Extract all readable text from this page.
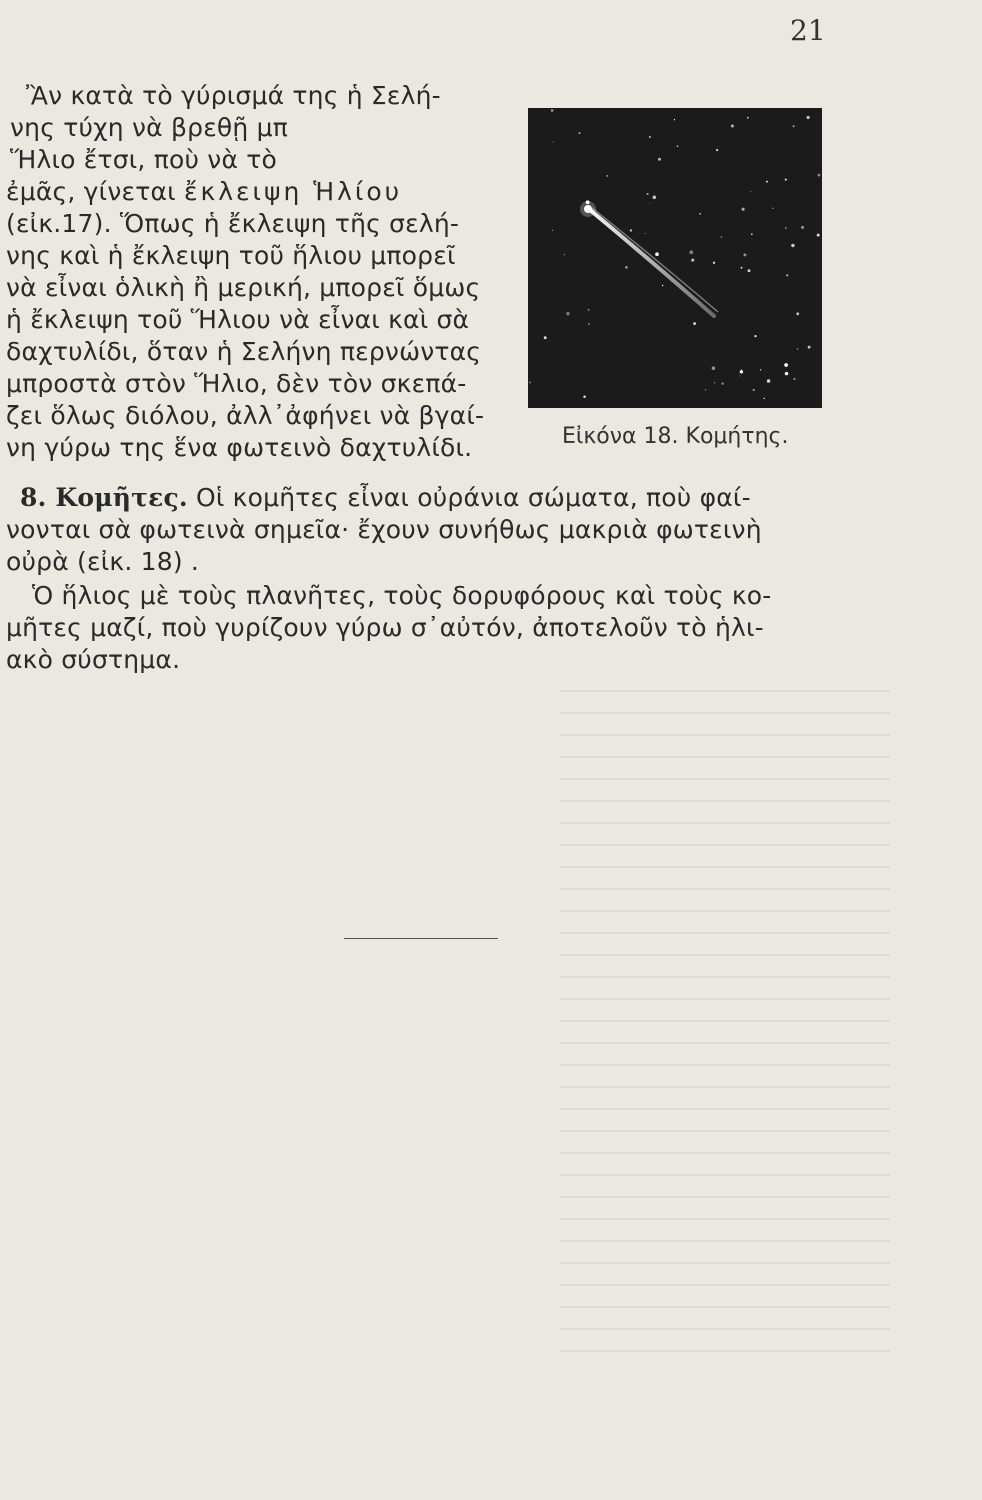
21
Ἂν κατὰ τὸ γύρισμά της ἡ Σελή-
νης τύχη νὰ βρεθῇ μπ
Ἥλιο ἔτσι, ποὺ νὰ τὸ
ἐμᾶς, γίνεται ἔκλειψη Ἡλίου
(εἰκ.17). Ὅπως ἡ ἔκλειψη τῆς σελή-
νης καὶ ἡ ἔκλειψη τοῦ ἥλιου μπορεῖ
νὰ εἶναι ὁλικὴ ἢ μερική, μπορεῖ ὅμως
ἡ ἔκλειψη τοῦ Ἥλιου νὰ εἶναι καὶ σὰ
δαχτυλίδι, ὅταν ἡ Σελήνη περνώντας
μπροστὰ στὸν Ἥλιο, δὲν τὸν σκεπά-
ζει ὅλως διόλου, ἀλλ᾽ἀφήνει νὰ βγαί-
νη γύρω της ἕνα φωτεινὸ δαχτυλίδι.	Εἰκόνα 18. Κομήτης.
8. Κομῆτες. Οἱ κομῆτες εἶναι οὐράνια σώματα, ποὺ φαί-
νονται σὰ φωτεινὰ σημεῖα· ἔχουν συνήθως μακριὰ φωτεινὴ
οὐρὰ (εἰκ. 18) .
Ὁ ἥλιος μὲ τοὺς πλανῆτες, τοὺς δορυφόρους καὶ τοὺς κο-
μῆτες μαζί, ποὺ γυρίζουν γύρω σ᾽αὐτόν, ἀποτελοῦν τὸ ἡλι-
ακὸ σύστημα.
